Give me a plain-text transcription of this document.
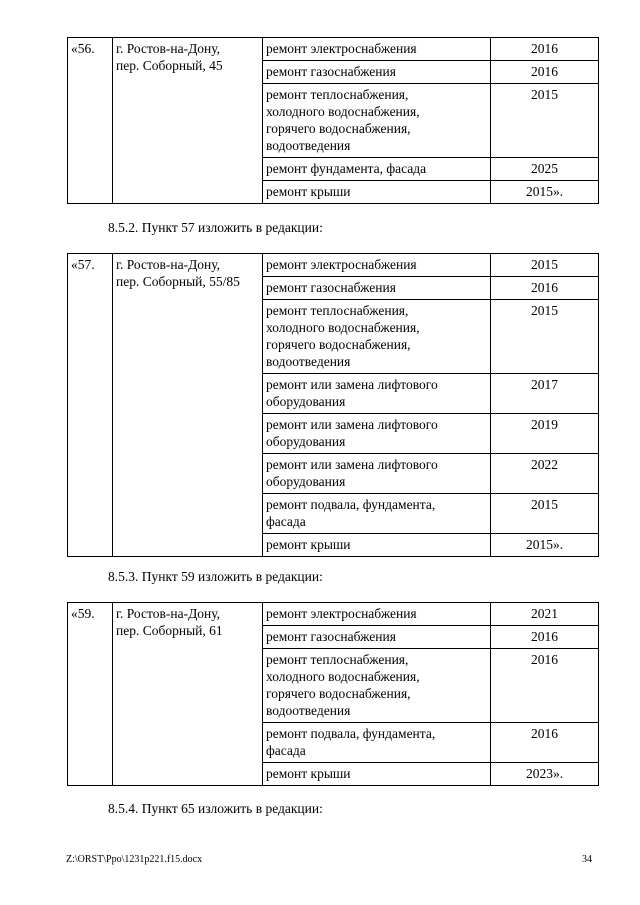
«56.	г. Ростов-на-Дону,
пер. Соборный, 45	ремонт электроснабжения	2016
		ремонт газоснабжения	2016

		ремонт теплоснабжения,
холодного водоснабжения,
горячего водоснабжения,
водоотведения	2015
		ремонт фундамента, фасада	2025
		ремонт крыши	2015».
8.5.2. Пункт 57 изложить в редакции:
«57.	г. Ростов-на-Дону,
пер. Соборный, 55/85	ремонт электроснабжения	2015
		ремонт газоснабжения	2016

		ремонт теплоснабжения,
холодного водоснабжения,
горячего водоснабжения,
водоотведения	2015

		ремонт или замена лифтового
оборудования	2017

		ремонт или замена лифтового
оборудования	2019

		ремонт или замена лифтового
оборудования	2022

		ремонт подвала, фундамента,
фасада	2015
		ремонт крыши	2015».
8.5.3. Пункт 59 изложить в редакции:
«59.	г. Ростов-на-Дону,
пер. Соборный, 61	ремонт электроснабжения	2021
		ремонт газоснабжения	2016

		ремонт теплоснабжения,
холодного водоснабжения,
горячего водоснабжения,
водоотведения	2016

		ремонт подвала, фундамента,
фасада	2016
		ремонт крыши	2023».
8.5.4. Пункт 65 изложить в редакции:
Z:\ORST\Ppo\1231p221.f15.docx	34
